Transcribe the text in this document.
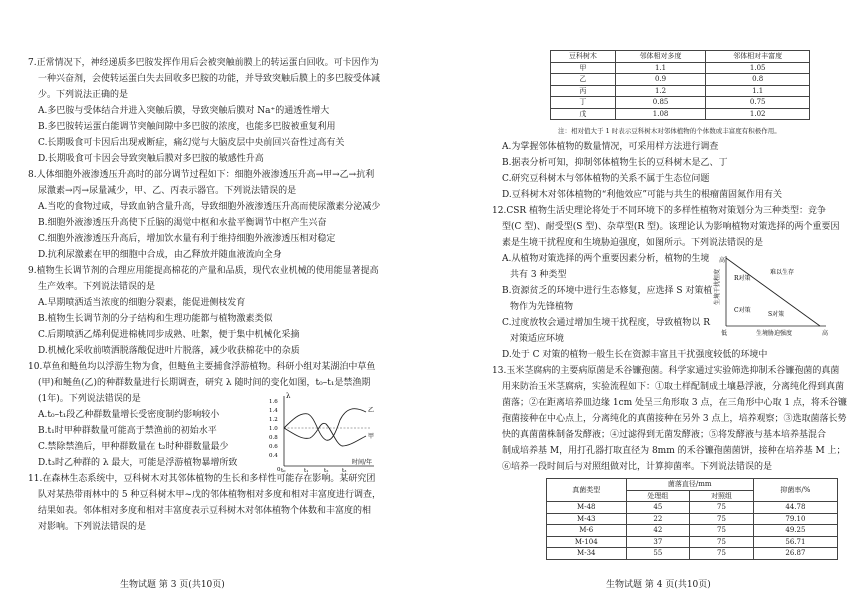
7.正常情况下，神经递质多巴胺发挥作用后会被突触前膜上的转运蛋白回收。可卡因作为
一种兴奋剂，会使转运蛋白失去回收多巴胺的功能，并导致突触后膜上的多巴胺受体减
少。下列说法正确的是
A.多巴胺与受体结合并进入突触后膜，导致突触后膜对 Na⁺的通透性增大
B.多巴胺转运蛋白能调节突触间隙中多巴胺的浓度，也能多巴胺被重复利用
C.长期吸食可卡因后出现戒断症，痛幻觉与大脑皮层中央前回兴奋性过高有关
D.长期吸食可卡因会导致突触后膜对多巴胺的敏感性升高
8.人体细胞外液渗透压升高时的部分调节过程如下：细胞外液渗透压升高→甲→乙→抗利
尿激素→丙→尿量减少，甲、乙、丙表示器官。下列说法错误的是
A.当吃的食物过咸，导致血钠含量升高，导致细胞外液渗透压升高而使尿激素分泌减少
B.细胞外液渗透压升高使下丘脑的渴觉中枢和水盐平衡调节中枢产生兴奋
C.细胞外液渗透压升高后，增加饮水量有利于维持细胞外液渗透压相对稳定
D.抗利尿激素在甲的细胞中合成，由乙释放并随血液流向全身
9.植物生长调节剂的合理应用能提高棉花的产量和品质，现代农业机械的使用能显著提高
生产效率。下列说法错误的是
A.早期喷洒适当浓度的细胞分裂素，能促进侧枝发育
B.植物生长调节剂的分子结构和生理功能都与植物激素类似
C.后期喷洒乙烯利促进棉桃同步成熟、吐絮，便于集中机械化采摘
D.机械化采收前喷洒脱落酸促进叶片脱落，减少收获棉花中的杂质
10.草鱼和鲢鱼均以浮游生物为食，但鲢鱼主要捕食浮游植物。科研小组对某湖泊中草鱼
(甲)和鲢鱼(乙)的种群数量进行长期调查，研究 λ 随时间的变化如图，t₀–t₁是禁渔期
(1年)。下列说法错误的是
A.t₀–t₁段乙种群数量增长受密度制约影响较小
B.t₁时甲种群数量可能高于禁渔前的初始水平
C.禁除禁渔后，甲种群数量在 t₂时种群数量最少
D.t₃时乙种群的 λ 最大，可能是浮游植物暴增所致
11.在森林生态系统中，豆科树木对其邻体植物的生长和多样性可能存在影响。某研究团
队对某热带雨林中的 5 种豆科树木甲~戊的邻体植物相对多度和相对丰富度进行调查，
结果如表。邻体相对多度和相对丰富度表示豆科树木对邻体植物个体数和丰富度的相
对影响。下列说法错误的是
λ
时间/年
0
1.6
1.4
1.2
1.0
0.8
0.6
0.4
乙
甲
t₀	t₁	t₂ t₃
生物试题 第 3 页(共10页)
豆科树木	邻体相对多度	邻体相对丰富度
甲	1.1	1.05
乙	0.9	0.8
丙	1.2	1.1
丁	0.85	0.75
戊	1.08	1.02
注：相对值大于 1 时表示豆科树木对邻体植物的个体数或丰富度有积极作用。
A.为掌握邻体植物的数量情况，可采用样方法进行调查
B.据表分析可知，抑制邻体植物生长的豆科树木是乙、丁
C.研究豆科树木与邻体植物的关系不属于生态位问题
D.豆科树木对邻体植物的“利他效应”可能与共生的根瘤菌固氮作用有关
12.CSR 植物生活史理论将处于不同环境下的多样性植物对策划分为三种类型：竞争
型(C 型)、耐受型(S 型)、杂草型(R 型)。该理论认为影响植物对策选择的两个重要因
素是生境干扰程度和生境胁迫强度，如图所示。下列说法错误的是
A.从植物对策选择的两个重要因素分析，植物的生境
共有 3 种类型
B.资源贫乏的环境中进行生态修复，应选择 S 对策植
物作为先锋植物
C.过度放牧会通过增加生境干扰程度，导致植物以 R
对策适应环境
D.处于 C 对策的植物一般生长在资源丰富且干扰强度较低的环境中
13.玉米茎腐病的主要病原菌是禾谷镰孢菌。科学家通过实验筛选抑制禾谷镰孢菌的真菌
用来防治玉米茎腐病，实验流程如下：①取土样配制成土壤悬浮液，分离纯化得到真菌
菌落；②在距离培养皿边缘 1cm 处呈三角形取 3 点，在三角形中心取 1 点，将禾谷镰
孢菌接种在中心点上，分离纯化的真菌接种在另外 3 点上，培养观察；③选取菌落长势
快的真菌菌株制备发酵液；④过滤得到无菌发酵液；⑤将发酵液与基本培养基混合
制成培养基 M，用打孔器打取直径为 8mm 的禾谷镰孢菌菌饼，接种在培养基 M 上；
⑥培养一段时间后与对照组做对比，计算抑菌率。下列说法错误的是
生境干扰程度
高
低	生境胁迫强度	高
R对策
C对策
S对策
难以生存
真菌类型	菌落直径/mm		抑菌率/%
	处理组	对照组	
M-48	45	75	44.78
M-43	22	75	79.10
M-6	42	75	49.25
M-104	37	75	56.71
M-34	55	75	26.87
生物试题 第 4 页(共10页)
